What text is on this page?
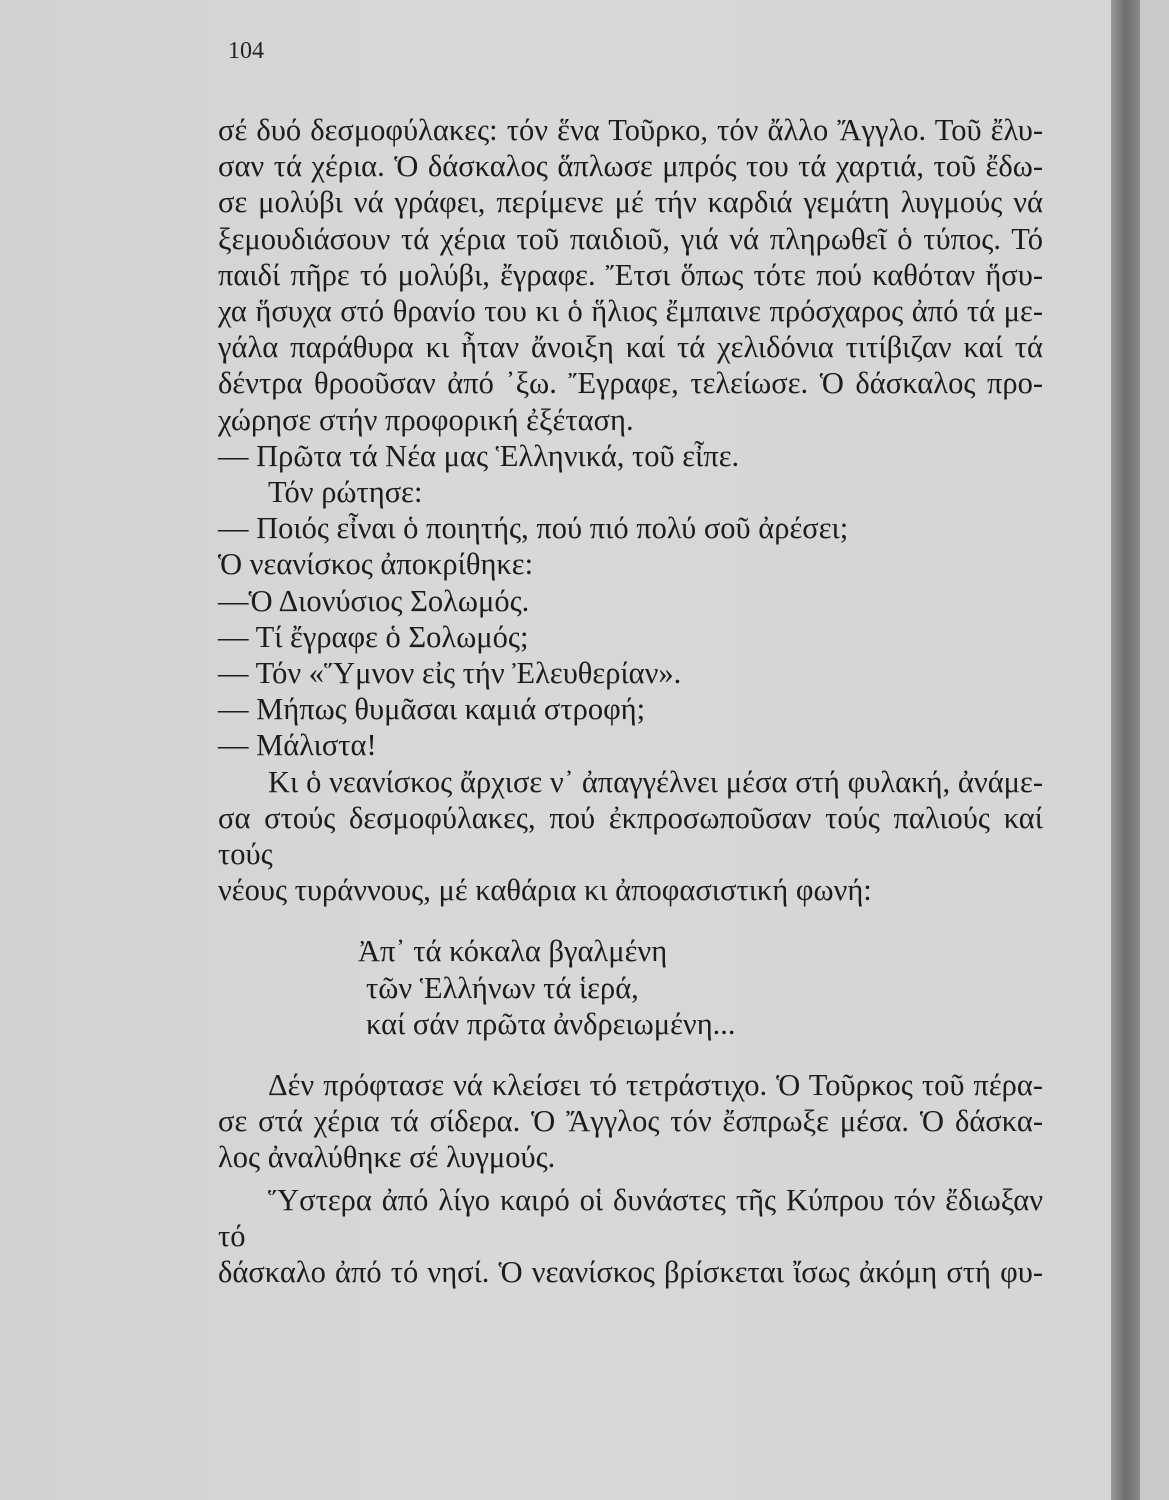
104

σέ δυό δεσμοφύλακες: τόν ἕνα Τοῦρκο, τόν ἄλλο Ἄγγλο. Τοῦ ἔλυ-

σαν τά χέρια. Ὁ δάσκαλος ἅπλωσε μπρός του τά χαρτιά, τοῦ ἔδω-

σε μολύβι νά γράφει, περίμενε μέ τήν καρδιά γεμάτη λυγμούς νά

ξεμουδιάσουν τά χέρια τοῦ παιδιοῦ, γιά νά πληρωθεῖ ὁ τύπος. Τό

παιδί πῆρε τό μολύβι, ἔγραφε. Ἔτσι ὅπως τότε πού καθόταν ἥσυ-

χα ἥσυχα στό θρανίο του κι ὁ ἥλιος ἔμπαινε πρόσχαρος ἀπό τά με-

γάλα παράθυρα κι ἦταν ἄνοιξη καί τά χελιδόνια τιτίβιζαν καί τά

δέντρα θροοῦσαν ἀπό ᾽ξω. Ἔγραφε, τελείωσε. Ὁ δάσκαλος προ-

χώρησε στήν προφορική ἐξέταση.

— Πρῶτα τά Νέα μας Ἑλληνικά, τοῦ εἶπε.

Τόν ρώτησε:

— Ποιός εἶναι ὁ ποιητής, πού πιό πολύ σοῦ ἀρέσει;

Ὁ νεανίσκος ἀποκρίθηκε:

—Ὁ Διονύσιος Σολωμός.

— Τί ἔγραφε ὁ Σολωμός;

— Τόν «Ὕμνον εἰς τήν Ἐλευθερίαν».

— Μήπως θυμᾶσαι καμιά στροφή;

— Μάλιστα!

Κι ὁ νεανίσκος ἄρχισε ν᾽ ἀπαγγέλνει μέσα στή φυλακή, ἀνάμε-

σα στούς δεσμοφύλακες, πού ἐκπροσωποῦσαν τούς παλιούς καί τούς

νέους τυράννους, μέ καθάρια κι ἀποφασιστική φωνή:

Ἀπ᾽ τά κόκαλα βγαλμένη

τῶν Ἑλλήνων τά ἱερά,

καί σάν πρῶτα ἀνδρειωμένη...

Δέν πρόφτασε νά κλείσει τό τετράστιχο. Ὁ Τοῦρκος τοῦ πέρα-

σε στά χέρια τά σίδερα. Ὁ Ἄγγλος τόν ἔσπρωξε μέσα. Ὁ δάσκα-

λος ἀναλύθηκε σέ λυγμούς.

Ὕστερα ἀπό λίγο καιρό οἱ δυνάστες τῆς Κύπρου τόν ἔδιωξαν τό

δάσκαλο ἀπό τό νησί. Ὁ νεανίσκος βρίσκεται ἴσως ἀκόμη στή φυ-
